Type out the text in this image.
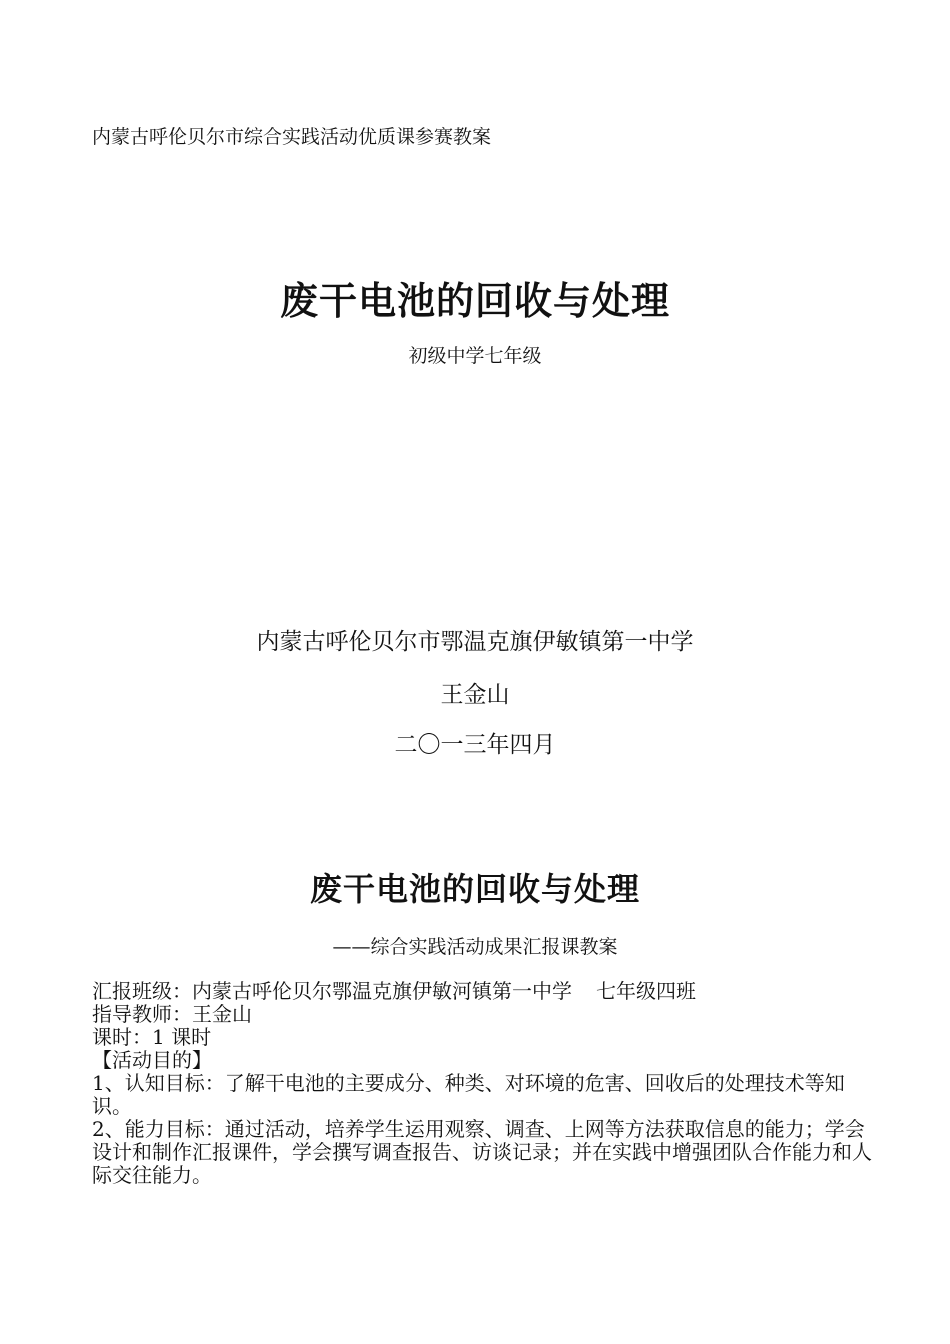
内蒙古呼伦贝尔市综合实践活动优质课参赛教案
废干电池的回收与处理
初级中学七年级
内蒙古呼伦贝尔市鄂温克旗伊敏镇第一中学
王金山
二〇一三年四月
废干电池的回收与处理
——综合实践活动成果汇报课教案

汇报班级：内蒙古呼伦贝尔鄂温克旗伊敏河镇第一中学 七年级四班

指导教师：王金山

课时：1 课时

【活动目的】

1、认知目标：了解干电池的主要成分、种类、对环境的危害、回收后的处理技术等知识。

2、能力目标：通过活动，培养学生运用观察、调查、上网等方法获取信息的能力；学会设计和制作汇报课件，学会撰写调查报告、访谈记录；并在实践中增强团队合作能力和人际交往能力。
